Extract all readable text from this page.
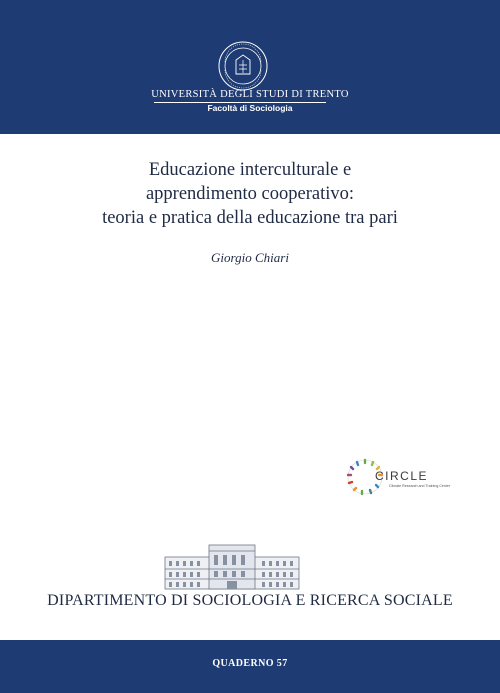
UNIVERSITÀ DEGLI STUDI DI TRENTO
Facoltà di Sociologia
Educazione interculturale e
apprendimento cooperativo:
teoria e pratica della educazione tra pari
Giorgio Chiari
CIRCLE
Climate Research and Training Center
DIPARTIMENTO DI SOCIOLOGIA E RICERCA SOCIALE
QUADERNO 57
